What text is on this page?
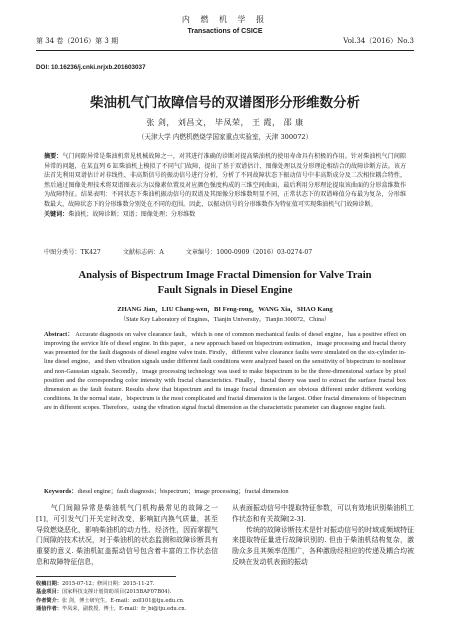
第 34 卷（2016）第 3 期
内 燃 机 学 报
Transactions of CSICE
Vol.34（2016）No.3
DOI: 10.16236/j.cnki.nrjxb.201603037
柴油机气门故障信号的双谱图形分形维数分析
张 剑， 刘昌文， 毕凤荣， 王 霞， 邵 康
（天津大学 内燃机燃烧学国家重点实验室，天津 300072）
摘要：气门间隙异常是柴油机常见机械故障之一，对其进行准确的诊断对提高柴油机的使用寿命具有积极的作用。针对柴油机气门间隙异常的问题，在某直列 6 缸柴油机上模拟了不同气门故障，提出了基于双谱估计、图像处理以及分形理论相结合的故障诊断方法。该方法首先利用双谱估计对非线性、非高斯信号的振动信号进行分析，分析了不同故障状态下振动信号中非高斯成分及二次相位耦合特性，然后通过图像处理技术将双谱图表示为以像素位置及对应颜色强度构成的三维空间曲面，最后利用分形理论提取该曲面的分形盒维数作为故障特征。结果表明：不同状态下柴油机振动信号的双谱及其图像分形维数明显不同，正常状态下的双谱峰值分布最为复杂，分形维数最大，故障状态下的分形维数分别处在不同的范围。因此，以振动信号的分形维数作为特征值可实现柴油机气门故障诊断。
关键词：柴油机；故障诊断；双谱；图像处理；分形维数
中图分类号：TK427	文献标志码：A	文章编号：1000-0909（2016）03-0274-07
Analysis of Bispectrum Image Fractal Dimension for Valve Train
Fault Signals in Diesel Engine
ZHANG Jian，LIU Chang-wen，BI Feng-rong，WANG Xia，SHAO Kang
（State Key Laboratory of Engines，Tianjin University，Tianjin 300072，China）
Abstract： Accurate diagnosis on valve clearance fault，which is one of common mechanical faults of diesel engine，has a positive effect on improving the service life of diesel engine. In this paper，a new approach based on bispectrum estimation，image processing and fractal theory was presented for the fault diagnosis of diesel engine valve train. Firstly，different valve clearance faults were simulated on the six-cylinder in-line diesel engine，and then vibration signals under different fault conditions were analyzed based on the sensitivity of bispectrum to nonlinear and non-Gaussian signals. Secondly，image processing technology was used to make bispectrum to be the three-dimensional surface by pixel position and the corresponding color intensity with fractal characteristics. Finally，fractal theory was used to extract the surface fractal box dimension as the fault feature. Results show that bispectrum and its image fractal dimension are obvious different under different working conditions. In the normal state，bispectrum is the most complicated and fractal dimension is the largest. Other fractal dimensions of bispectrum are in different scopes. Therefore，using the vibration signal fractal dimension as the characteristic parameter can diagnose engine fault.
Keywords：diesel engine；fault diagnosis；bispectrum；image processing；fractal dimension
气门间隙异常是柴油机气门机构最常见的故障之一[1]，可引发气门开关定时改变，影响缸内换气质量，甚至导致燃烧恶化，影响柴油机的动力性、经济性，因而掌握气门间隙的技术状况，对于柴油机的状态监测和故障诊断具有重要的意义. 柴油机缸盖振动信号包含着丰富的工作状态信息和故障特征信息，
从表面振动信号中提取特征参数，可以有效地识别柴油机工作状态和有关故障[2-3].
　　传统的故障诊断技术是针对振动信号的时域或频域特征来提取特征量进行故障识别的. 但由于柴油机结构复杂，激励众多且其频率范围广，各种激励经相应的传递及耦合均被反映在发动机表面的振动
收稿日期：2015-07-12；修回日期：2015-11-27.
基金项目：国家科技支撑计划资助项目(2015BAF07B04).
作者简介：张 剑，博士研究生，E-mail：zoll101@tju.edu.cn.
通信作者：毕凤荣，副教授，博士，E-mail：fr_bi@tju.edu.cn.
